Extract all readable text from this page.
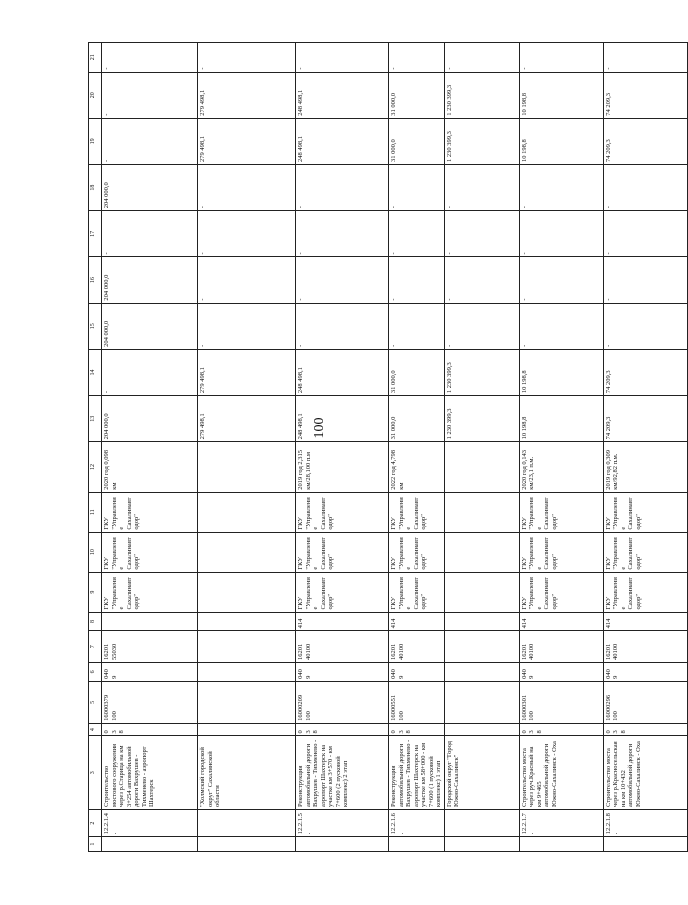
100
1	2	3	4	5	6	7	8	9	10	11	12	13	14	15	16	17	18	19	20	21
	12.2.1.4.	Строительство мостового сооружения через р.Старица на км 3+254 автомобильной дороги Вахрушев - Тихменево - аэропорт Шахтерск	0 3 8	16000379 100	040 9	16201 55030		ГКУ "Управление Сахалинавтодор"	ГКУ "Управление Сахалинавтодор"	ГКУ "Управление Сахалинавтодор"	2020 год 0,098 км	204 000,0	-	204 000,0	204 000,0	-	204 000,0	-	-	-
		"Холмский городской округ" Сахалинской области										279 498,1	279 498,1	-	-	-	-	279 498,1	279 498,1	-
	12.2.1.5.	Реконструкция автомобильной дороги Вахрушев - Тихменево - аэропорт Шахтерск на участке км 3+570 - км 7+600 (2 пусковой комплекс) 2 этап	0 3 8	16000209 100	040 9	16201 40100	414	ГКУ "Управление Сахалинавтодор"	ГКУ "Управление Сахалинавтодор"	ГКУ "Управление Сахалинавтодор"	2019 год 2,315 км/28,100 п.м	248 498,1	248 498,1	-	-	-	-	248 498,1	248 498,1	-
	12.2.1.6.	Реконструкция автомобильной дороги Вахрушев - Тихменево - аэропорт Шахтерск на участке км 58+000 - км 7+600 (1 пусковой комплекс) 1 этап	0 3 8	16000551 100	040 9	16201 40100	414	ГКУ "Управление Сахалинавтодор"	ГКУ "Управление Сахалинавтодор"	ГКУ "Управление Сахалинавтодор"	2022 год 4,798 км	31 000,0	31 000,0	-	-	-	-	31 000,0	31 000,0	-
		Городской округ "Город Южно-Сахалинск"										1 230 399,3	1 230 399,3	-	-	-	-	1 230 399,3	1 230 399,3	-
	12.2.1.7.	Строительство моста через руч.Красный на км 9+465 автомобильной дороги Южно-Сахалинск - Оха	0 3 8	16000301 100	040 9	16201 40100	414	ГКУ "Управление Сахалинавтодор"	ГКУ "Управление Сахалинавтодор"	ГКУ "Управление Сахалинавтодор"	2020 год 0,143 км/23,1 п.м.	10 198,8	10 198,8	-	-	-	-	10 198,8	10 198,8	-
	12.2.1.8.	Строительство моста через р.Красносельская на км 10+432 автомобильной дороги Южно-Сахалинск - Оха	0 3 8	16000296 100	040 9	16201 40100	414	ГКУ "Управление Сахалинавтодор"	ГКУ "Управление Сахалинавтодор"	ГКУ "Управление Сахалинавтодор"	2019 год 0,309 км/92,82 п.м.	74 209,3	74 209,3	-	-	-	-	74 209,3	74 209,3	-
